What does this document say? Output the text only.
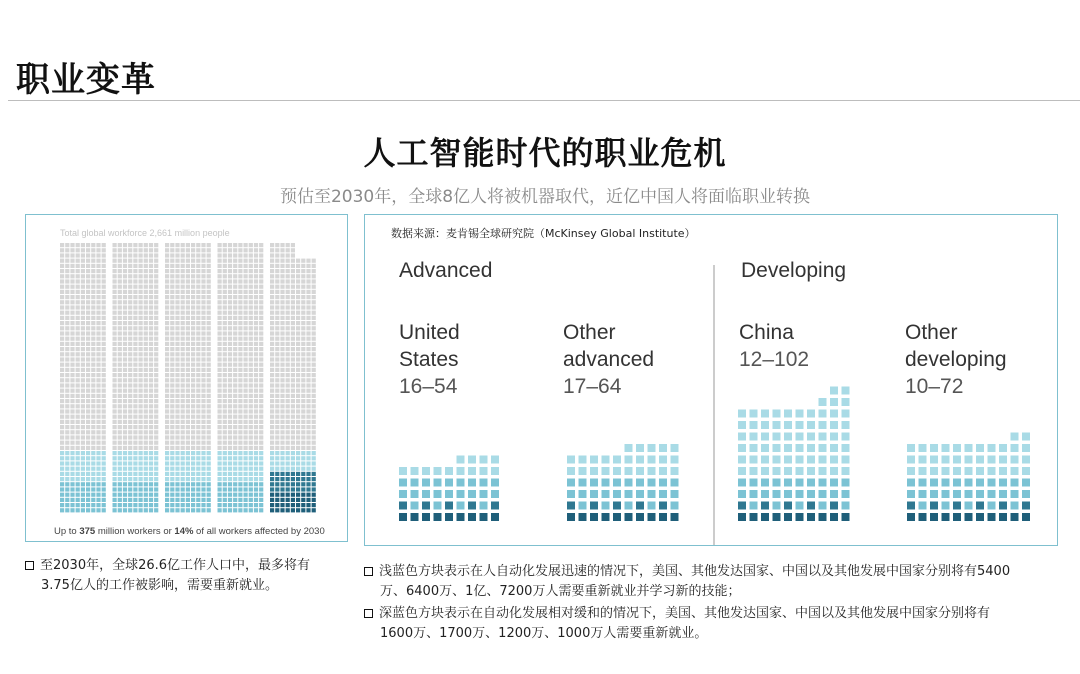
职业变革
人工智能时代的职业危机
预估至2030年，全球8亿人将被机器取代，近亿中国人将面临职业转换
Total global workforce 2,661 million people
Up to 375 million workers or 14% of all workers affected by 2030
数据来源：麦肯锡全球研究院（McKinsey Global Institute）
Advanced	Developing
United
States
16–54
Other
advanced
17–64
China
12–102
Other
developing
10–72
至2030年，全球26.6亿工作人口中，最多将有
3.75亿人的工作被影响，需要重新就业。

浅蓝色方块表示在人自动化发展迅速的情况下，美国、其他发达国家、中国以及其他发展中国家分别将有5400
万、6400万、1亿、7200万人需要重新就业并学习新的技能；

深蓝色方块表示在自动化发展相对缓和的情况下，美国、其他发达国家、中国以及其他发展中国家分别将有
1600万、1700万、1200万、1000万人需要重新就业。
